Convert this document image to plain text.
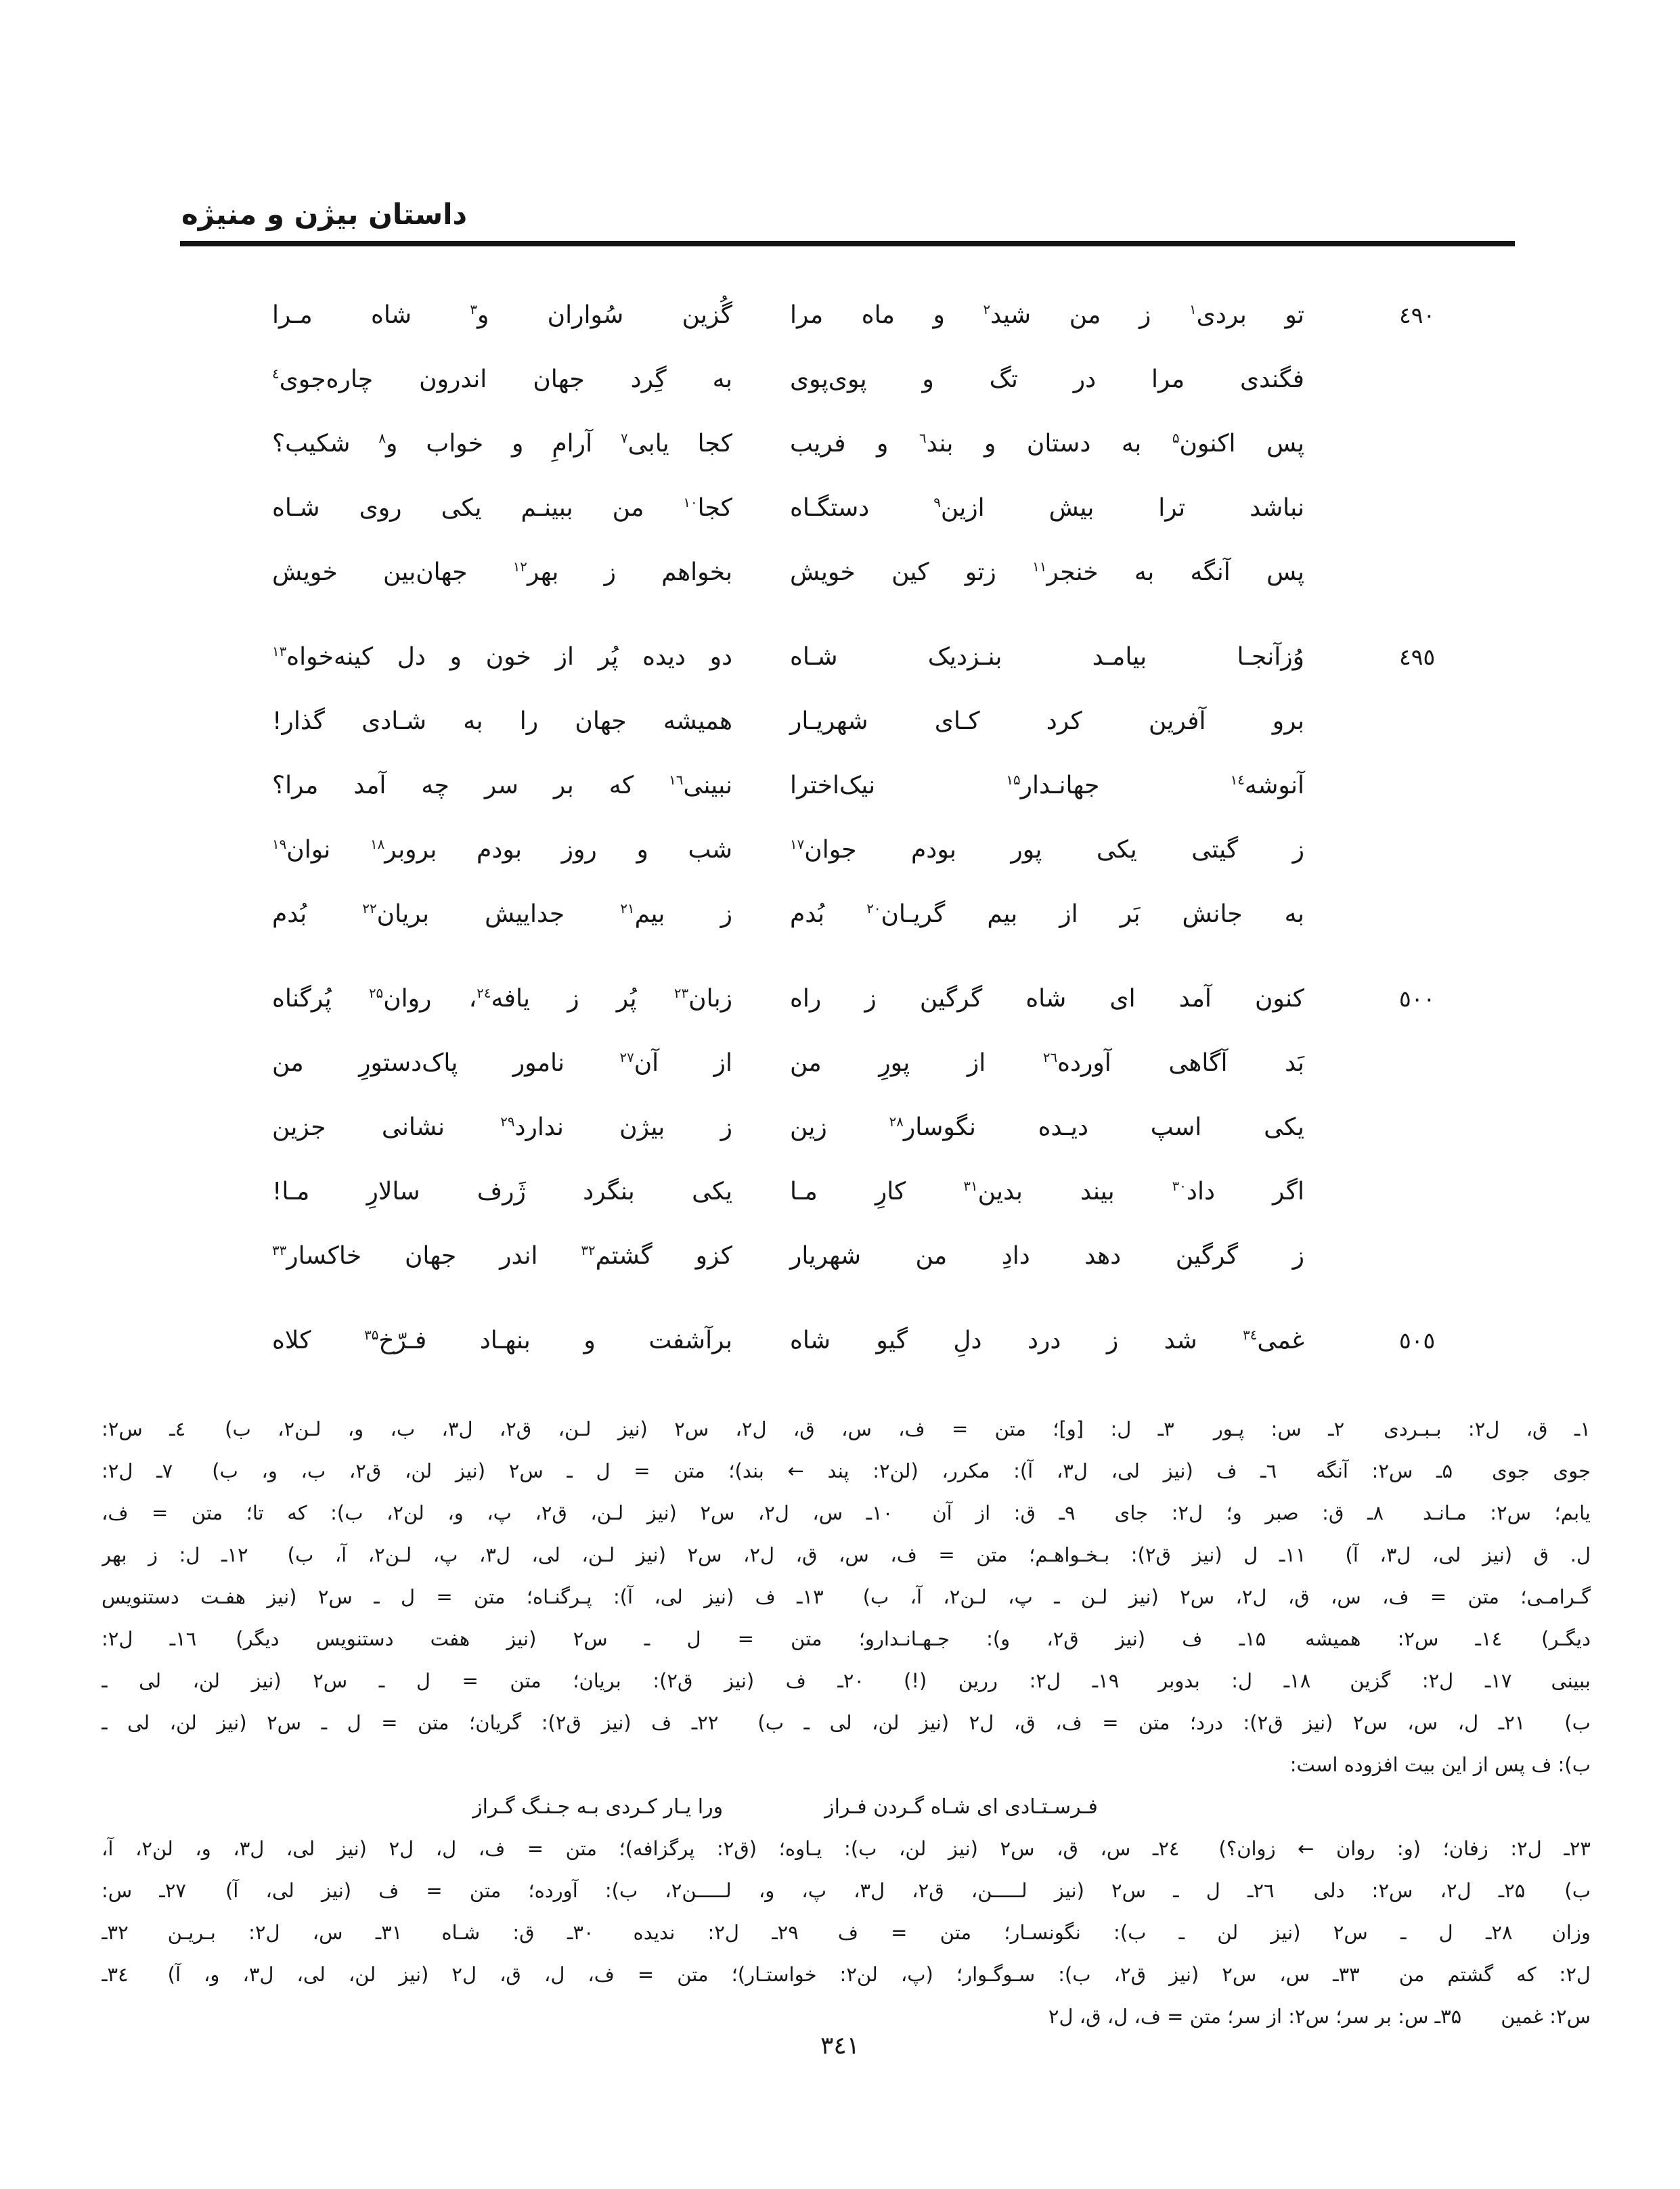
داستان بیژن و منیژه
٤٩٠
تو بردی$^۱$ ز من شید$^۲$ و ماه مرا
گُزین سُواران و$^۳$ شاه مـرا
فگندی مرا در تگ و پوی‌پوی
به گِرد جهان اندرون چاره‌جوی$^٤$
پس اکنون$^۵$ به دستان و بند$^٦$ و فریب
کجا یابی$^۷$ آرامِ و خواب و$^۸$ شکیب؟
نباشد ترا بیش ازین$^۹$ دستگـاه
کجا$^{۱۰}$ من ببینـم یکی روی شـاه
پس آنگه به خنجر$^{۱۱}$ زتو کین خویش
بخواهم ز بهر$^{۱۲}$ جهان‌بین خویش
٤٩٥
وُزآنجـا بیامـد بنـزدیک شـاه
دو دیده پُر از خون و دل کینه‌خواه$^{۱۳}$
برو آفرین کرد کـای شهریـار
همیشه جهان را به شـادی گذار!
آنوشه$^{۱٤}$ جهانـدار$^{۱۵}$ نیک‌اخترا
نبینی$^{۱٦}$ که بر سر چه آمد مرا؟
ز گیتی یکی پور بودم جوان$^{۱۷}$
شب و روز بودم بروبر$^{۱۸}$ نوان$^{۱۹}$
به جانش بَر از بیم گریـان$^{۲۰}$ بُدم
ز بیم$^{۲۱}$ جداییش بریان$^{۲۲}$ بُدم
٥٠٠
کنون آمد ای شاه گرگین ز راه
زبان$^{۲۳}$ پُر ز یافه$^{۲٤}$، روان$^{۲۵}$ پُرگناه
بَد آگاهی آورده$^{۲٦}$ از پورِ من
از آن$^{۲۷}$ نامور پاک‌دستورِ من
یکی اسپ دیـده نگوسار$^{۲۸}$ زین
ز بیژن ندارد$^{۲۹}$ نشانی جزین
اگر داد$^{۳۰}$ بیند بدین$^{۳۱}$ کارِ مـا
یکی بنگرد ژَرف سالارِ مـا!
ز گرگین دهد دادِ من شهریار
کزو گشتم$^{۳۲}$ اندر جهان خاکسار$^{۳۳}$
٥٠٥
غمی$^{۳٤}$ شد ز درد دلِ گیو شاه
برآشفت و بنهـاد فـرّخ$^{۳۵}$ کلاه
۱ـ ق، ل۲: بـبـردی  ۲ـ س: پـور  ۳ـ ل: [و]؛ متن = ف، س، ق، ل۲، س۲ (نیز لـن، ق۲، ل۳، ب، و، لـن۲، ب)  ٤ـ س۲:
جوی جوی  ۵ـ س۲: آنگه  ٦ـ ف (نیز لی، ل۳، آ): مکرر، (لن۲: پند ← بند)؛ متن = ل ـ س۲ (نیز لن، ق۲، ب، و، ب)  ۷ـ ل۲:
یابم؛ س۲: مـانـد  ۸ـ ق: صبر و؛ ل۲: جای  ۹ـ ق: از آن  ۱۰ـ س، ل۲، س۲ (نیز لـن، ق۲، پ، و، لن۲، ب): که تا؛ متن = ف،
ل. ق (نیز لی، ل۳، آ)  ۱۱ـ ل (نیز ق۲): بـخـواهـم؛ متن = ف، س، ق، ل۲، س۲ (نیز لـن، لی، ل۳، پ، لـن۲، آ، ب)  ۱۲ـ ل: ز بهر
گـرامـی؛ متن = ف، س، ق، ل۲، س۲ (نیز لـن ـ پ، لـن۲، آ، ب)  ۱۳ـ ف (نیز لی، آ): پـرگنـاه؛ متن = ل ـ س۲ (نیز هفـت دستنویس
دیگـر)  ۱٤ـ س۲: همیشه  ۱۵ـ ف (نیز ق۲، و): جـهـانـدارو؛ متن = ل ـ س۲ (نیز هفت دستنویس دیگر)  ۱٦ـ ل۲:
ببینی  ۱۷ـ ل۲: گزین  ۱۸ـ ل: بدوبر  ۱۹ـ ل۲: ررین (!)  ۲۰ـ ف (نیز ق۲): بریان؛ متن = ل ـ س۲ (نیز لن، لی ـ
ب)  ۲۱ـ ل، س، س۲ (نیز ق۲): درد؛ متن = ف، ق، ل۲ (نیز لن، لی ـ ب)  ۲۲ـ ف (نیز ق۲): گریان؛ متن = ل ـ س۲ (نیز لن، لی ـ
ب): ف پس از این بیت افزوده است:
فـرسـتـادی ای شـاه گـردن فـراز
ورا یـار کـردی بـه جـنـگ گـراز
۲۳ـ ل۲: زفان؛ (و: روان ← زوان؟)  ۲٤ـ س، ق، س۲ (نیز لن، ب): یـاوه؛ (ق۲: پرگزافه)؛ متن = ف، ل، ل۲ (نیز لی، ل۳، و، لن۲، آ،
ب)  ۲۵ـ ل۲، س۲: دلی  ۲٦ـ ل ـ س۲ (نیز لـــــن، ق۲، ل۳، پ، و، لـــــن۲، ب): آورده؛ متن = ف (نیز لی، آ)  ۲۷ـ س:
وزان  ۲۸ـ ل ـ س۲ (نیز لن ـ ب): نگونسـار؛ متن = ف  ۲۹ـ ل۲: ندیده  ۳۰ـ ق: شـاه  ۳۱ـ س، ل۲: بـریـن  ۳۲ـ
ل۲: که گشتم من  ۳۳ـ س، س۲ (نیز ق۲، ب): سـوگـوار؛ (پ، لن۲: خواستـار)؛ متن = ف، ل، ق، ل۲ (نیز لن، لی، ل۳، و، آ)  ۳٤ـ
س۲: غمین  ۳۵ـ س: بر سر؛ س۲: از سر؛ متن = ف، ل، ق، ل۲
٣٤١
